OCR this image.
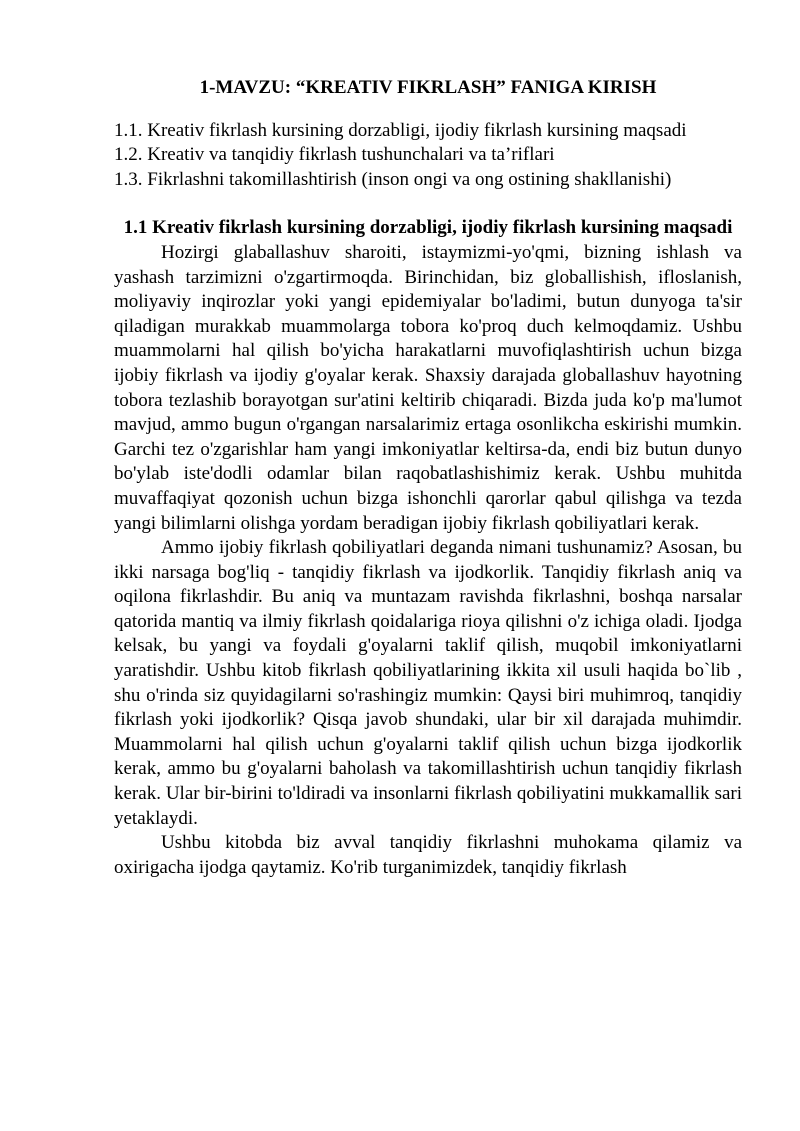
1-MAVZU: “KREATIV FIKRLASH” FANIGA KIRISH
1.1. Kreativ fikrlash kursining dorzabligi, ijodiy fikrlash kursining maqsadi
1.2. Kreativ va tanqidiy fikrlash tushunchalari va ta’riflari
1.3. Fikrlashni takomillashtirish (inson ongi va ong ostining shakllanishi)
1.1 Kreativ fikrlash kursining dorzabligi, ijodiy fikrlash kursining maqsadi

Hozirgi glaballashuv sharoiti, istaymizmi-yo'qmi, bizning ishlash va yashash tarzimizni o'zgartirmoqda. Birinchidan, biz globallishish, ifloslanish, moliyaviy inqirozlar yoki yangi epidemiyalar bo'ladimi, butun dunyoga ta'sir qiladigan murakkab muammolarga tobora ko'proq duch kelmoqdamiz. Ushbu muammolarni hal qilish bo'yicha harakatlarni muvofiqlashtirish uchun bizga ijobiy fikrlash va ijodiy g'oyalar kerak. Shaxsiy darajada globallashuv hayotning tobora tezlashib borayotgan sur'atini keltirib chiqaradi. Bizda juda ko'p ma'lumot mavjud, ammo bugun o'rgangan narsalarimiz ertaga osonlikcha eskirishi mumkin. Garchi tez o'zgarishlar ham yangi imkoniyatlar keltirsa-da, endi biz butun dunyo bo'ylab iste'dodli odamlar bilan raqobatlashishimiz kerak. Ushbu muhitda muvaffaqiyat qozonish uchun bizga ishonchli qarorlar qabul qilishga va tezda yangi bilimlarni olishga yordam beradigan ijobiy fikrlash qobiliyatlari kerak.

Ammo ijobiy fikrlash qobiliyatlari deganda nimani tushunamiz? Asosan, bu ikki narsaga bog'liq - tanqidiy fikrlash va ijodkorlik. Tanqidiy fikrlash aniq va oqilona fikrlashdir. Bu aniq va muntazam ravishda fikrlashni, boshqa narsalar qatorida mantiq va ilmiy fikrlash qoidalariga rioya qilishni o'z ichiga oladi. Ijodga kelsak, bu yangi va foydali g'oyalarni taklif qilish, muqobil imkoniyatlarni yaratishdir. Ushbu kitob fikrlash qobiliyatlarining ikkita xil usuli haqida bo`lib , shu o'rinda siz quyidagilarni so'rashingiz mumkin: Qaysi biri muhimroq, tanqidiy fikrlash yoki ijodkorlik? Qisqa javob shundaki, ular bir xil darajada muhimdir. Muammolarni hal qilish uchun g'oyalarni taklif qilish uchun bizga ijodkorlik kerak, ammo bu g'oyalarni baholash va takomillashtirish uchun tanqidiy fikrlash kerak. Ular bir-birini to'ldiradi va insonlarni fikrlash qobiliyatini mukkamallik sari yetaklaydi.

Ushbu kitobda biz avval tanqidiy fikrlashni muhokama qilamiz va oxirigacha ijodga qaytamiz. Ko'rib turganimizdek, tanqidiy fikrlash
